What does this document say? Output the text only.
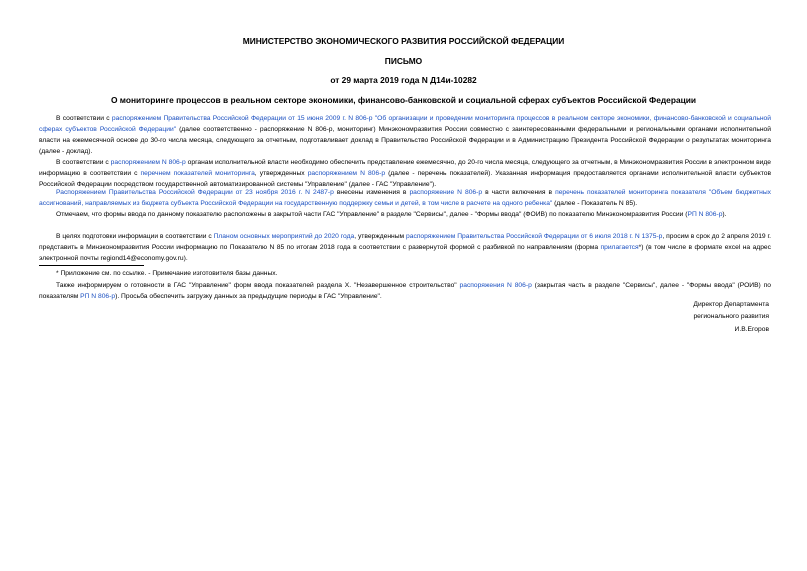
МИНИСТЕРСТВО ЭКОНОМИЧЕСКОГО РАЗВИТИЯ РОССИЙСКОЙ ФЕДЕРАЦИИ
ПИСЬМО
от 29 марта 2019 года N Д14и-10282
О мониторинге процессов в реальном секторе экономики, финансово-банковской и социальной сферах субъектов Российской Федерации

В соответствии с распоряжением Правительства Российской Федерации от 15 июня 2009 г. N 806-р "Об организации и проведении мониторинга процессов в реальном секторе экономики, финансово-банковской и социальной сферах субъектов Российской Федерации" (далее соответственно - распоряжение N 806-р, мониторинг) Минэкономразвития России совместно с заинтересованными федеральными и региональными органами исполнительной власти на ежемесячной основе до 30-го числа месяца, следующего за отчетным, подготавливает доклад в Правительство Российской Федерации и в Администрацию Президента Российской Федерации о результатах мониторинга (далее - доклад).

В соответствии с распоряжением N 806-р органам исполнительной власти необходимо обеспечить представление ежемесячно, до 20-го числа месяца, следующего за отчетным, в Минэкономразвития России в электронном виде информацию в соответствии с перечнем показателей мониторинга, утвержденных распоряжением N 806-р (далее - перечень показателей). Указанная информация предоставляется органами исполнительной власти субъектов Российской Федерации посредством государственной автоматизированной системы "Управление" (далее - ГАС "Управление").

Распоряжением Правительства Российской Федерации от 23 ноября 2016 г. N 2487-р внесены изменения в распоряжение N 806-р в части включения в перечень показателей мониторинга показателя "Объем бюджетных ассигнований, направляемых из бюджета субъекта Российской Федерации на государственную поддержку семьи и детей, в том числе в расчете на одного ребенка" (далее - Показатель N 85).

Отмечаем, что формы ввода по данному показателю расположены в закрытой части ГАС "Управление" в разделе "Сервисы", далее - "Формы ввода" (ФОИВ) по показателю Минэкономразвития России (РП N 806-р).

В целях подготовки информации в соответствии с Планом основных мероприятий до 2020 года, утвержденным распоряжением Правительства Российской Федерации от 6 июля 2018 г. N 1375-р, просим в срок до 2 апреля 2019 г. представить в Минэкономразвития России информацию по Показателю N 85 по итогам 2018 года в соответствии с развернутой формой с разбивкой по направлениям (форма прилагается*) (в том числе в формате excel на адрес электронной почты regiond14@economy.gov.ru).

* Приложение см. по ссылке. - Примечание изготовителя базы данных.

Также информируем о готовности в ГАС "Управление" форм ввода показателей раздела X. "Незавершенное строительство" распоряжения N 806-р (закрытая часть в разделе "Сервисы", далее - "Формы ввода" (РОИВ) по показателям РП N 806-р). Просьба обеспечить загрузку данных за предыдущие периоды в ГАС "Управление".

Директор Департамента
регионального развития
И.В.Егоров
